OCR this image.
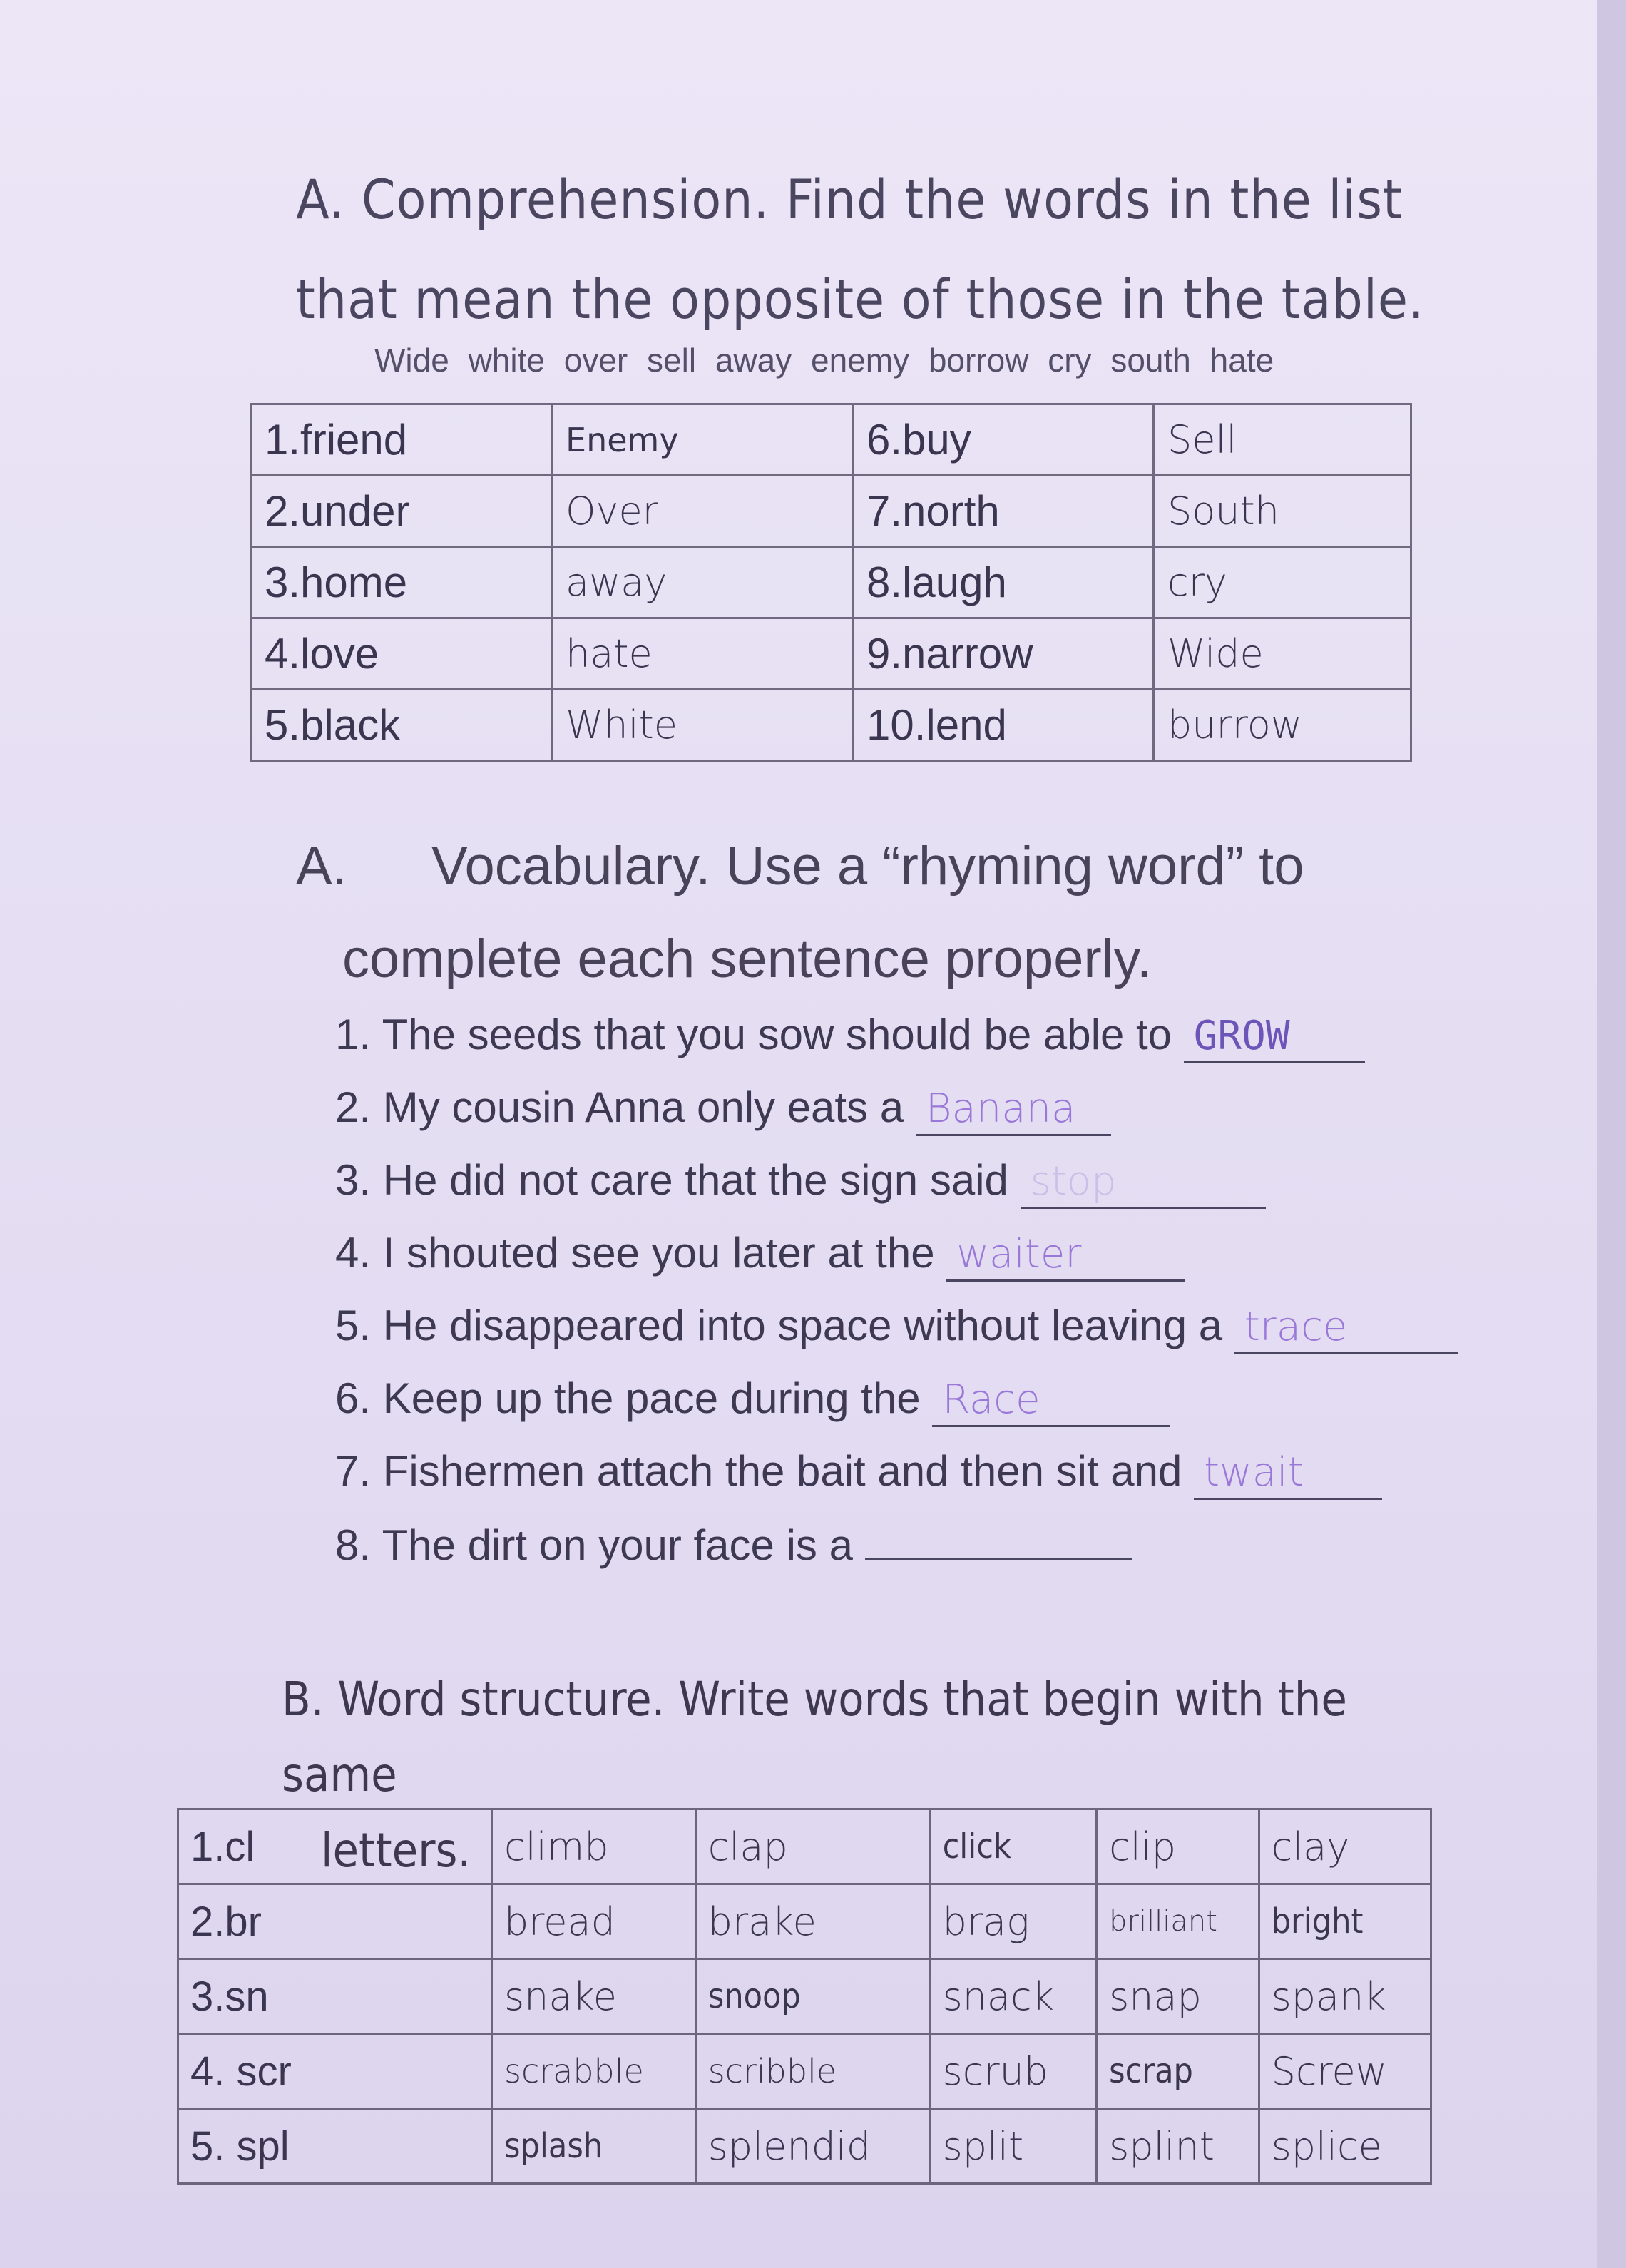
A. Comprehension. Find the words in the list that mean the opposite of those in the table.
Wide white over sell away enemy borrow cry south hate
1.friend	Enemy	6.buy	Sell
2.under	Over	7.north	South
3.home	away	8.laugh	cry
4.love	hate	9.narrow	Wide
5.black	White	10.lend	burrow
A. Vocabulary. Use a “rhyming word” to
complete each sentence properly.
1. The seeds that you sow should be able to GROW
2. My cousin Anna only eats a Banana
3. He did not care that the sign said stop
4. I shouted see you later at the waiter
5. He disappeared into space without leaving a trace
6. Keep up the pace during the Race
7. Fishermen attach the bait and then sit and twait
8. The dirt on your face is a
B. Word structure. Write words that begin with the same
letters.
1.cl	climb	clap	click	clip	clay
2.br	bread	brake	brag	brilliant	bright
3.sn	snake	snoop	snack	snap	spank
4. scr	scrabble	scribble	scrub	scrap	Screw
5. spl	splash	splendid	split	splint	splice
